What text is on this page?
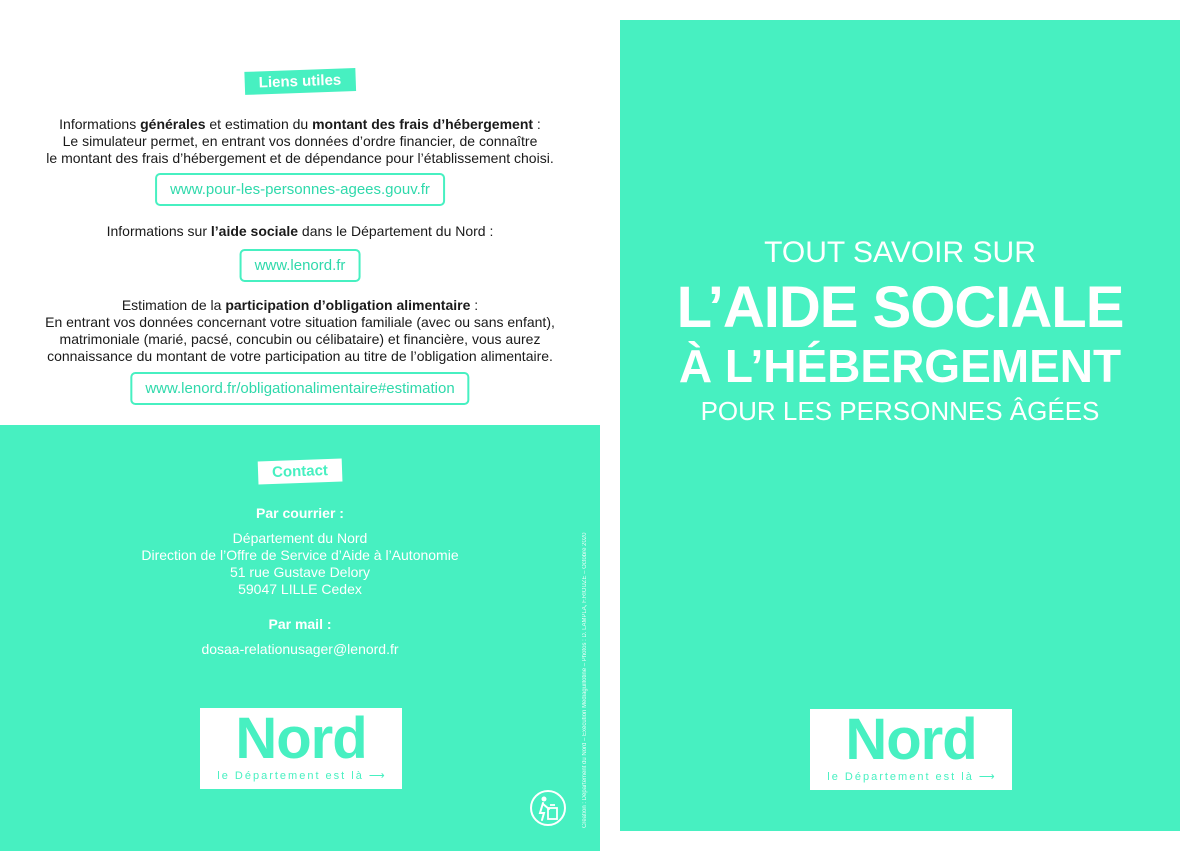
Liens utiles
Informations générales et estimation du montant des frais d’hébergement :
Le simulateur permet, en entrant vos données d’ordre financier, de connaître
le montant des frais d’hébergement et de dépendance pour l’établissement choisi.
www.pour-les-personnes-agees.gouv.fr
Informations sur l’aide sociale dans le Département du Nord :
www.lenord.fr
Estimation de la participation d’obligation alimentaire :
En entrant vos données concernant votre situation familiale (avec ou sans enfant),
matrimoniale (marié, pacsé, concubin ou célibataire) et financière, vous aurez
connaissance du montant de votre participation au titre de l’obligation alimentaire.
www.lenord.fr/obligationalimentaire#estimation
Contact
Par courrier :
Département du Nord
Direction de l’Offre de Service d’Aide à l’Autonomie
51 rue Gustave Delory
59047 LILLE Cedex
Par mail :
dosaa-relationusager@lenord.fr
Nord
le Département est là ⟶	Création : Département du Nord – Exécution Mediaguillotine – Photos : D. LAMPLA, F.RIOUZE – Octobre 2020
TOUT SAVOIR SUR
L’AIDE SOCIALE
À L’HÉBERGEMENT
POUR LES PERSONNES ÂGÉES
Nord
le Département est là ⟶
